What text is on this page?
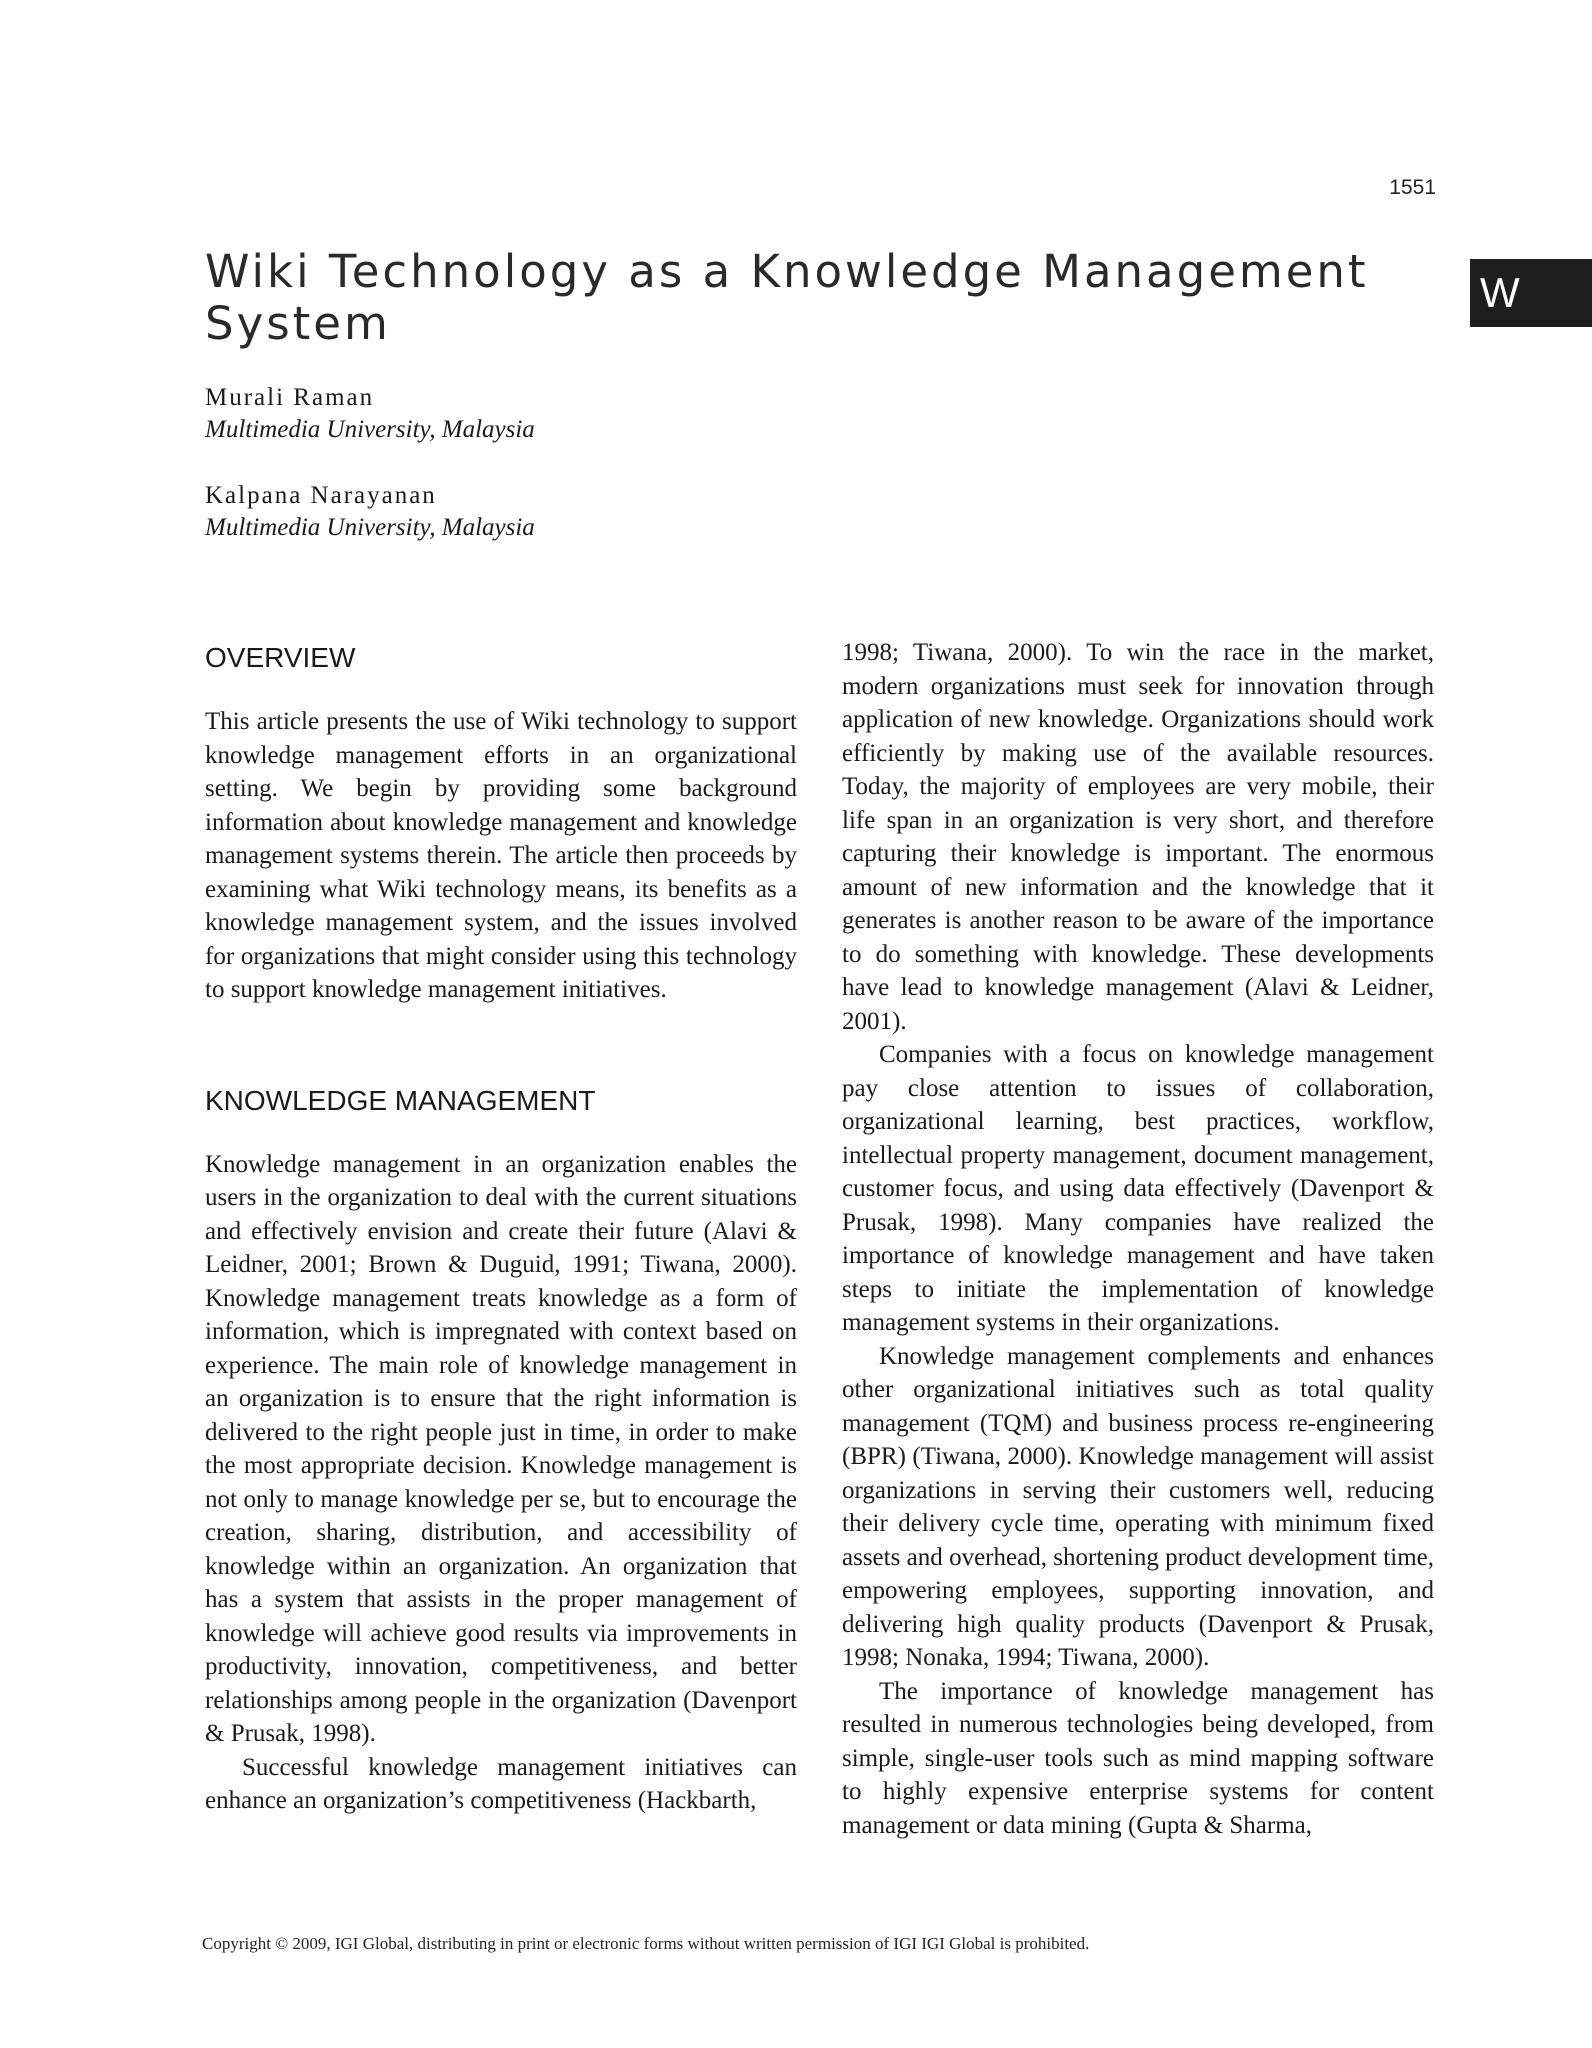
1551
W
Wiki Technology as a Knowledge Management System
Murali Raman
Multimedia University, Malaysia
Kalpana Narayanan
Multimedia University, Malaysia
OVERVIEW

This article presents the use of Wiki technology to support knowledge management efforts in an organizational setting. We begin by providing some background information about knowledge management and knowledge management systems therein. The article then proceeds by examining what Wiki technology means, its benefits as a knowledge management system, and the issues involved for organizations that might consider using this technology to support knowledge management initiatives.

KNOWLEDGE MANAGEMENT

Knowledge management in an organization enables the users in the organization to deal with the current situations and effectively envision and create their future (Alavi & Leidner, 2001; Brown & Duguid, 1991; Tiwana, 2000). Knowledge management treats knowledge as a form of information, which is impregnated with context based on experience. The main role of knowledge management in an organization is to ensure that the right information is delivered to the right people just in time, in order to make the most appropriate decision. Knowledge management is not only to manage knowledge per se, but to encourage the creation, sharing, distribution, and accessibility of knowledge within an organization. An organization that has a system that assists in the proper management of knowledge will achieve good results via improvements in productivity, innovation, competitiveness, and better relationships among people in the organization (Davenport & Prusak, 1998).

Successful knowledge management initiatives can enhance an organization’s competitiveness (Hackbarth,

1998; Tiwana, 2000). To win the race in the market, modern organizations must seek for innovation through application of new knowledge. Organizations should work efficiently by making use of the available resources. Today, the majority of employees are very mobile, their life span in an organization is very short, and therefore capturing their knowledge is important. The enormous amount of new information and the knowledge that it generates is another reason to be aware of the importance to do something with knowledge. These developments have lead to knowledge management (Alavi & Leidner, 2001).

Companies with a focus on knowledge management pay close attention to issues of collaboration, organizational learning, best practices, workflow, intellectual property management, document management, customer focus, and using data effectively (Davenport & Prusak, 1998). Many companies have realized the importance of knowledge management and have taken steps to initiate the implementation of knowledge management systems in their organizations.

Knowledge management complements and enhances other organizational initiatives such as total quality management (TQM) and business process re-engineering (BPR) (Tiwana, 2000). Knowledge management will assist organizations in serving their customers well, reducing their delivery cycle time, operating with minimum fixed assets and overhead, shortening product development time, empowering employees, supporting innovation, and delivering high quality products (Davenport & Prusak, 1998; Nonaka, 1994; Tiwana, 2000).

The importance of knowledge management has resulted in numerous technologies being developed, from simple, single-user tools such as mind mapping software to highly expensive enterprise systems for content management or data mining (Gupta & Sharma,

Copyright © 2009, IGI Global, distributing in print or electronic forms without written permission of IGI IGI Global is prohibited.
